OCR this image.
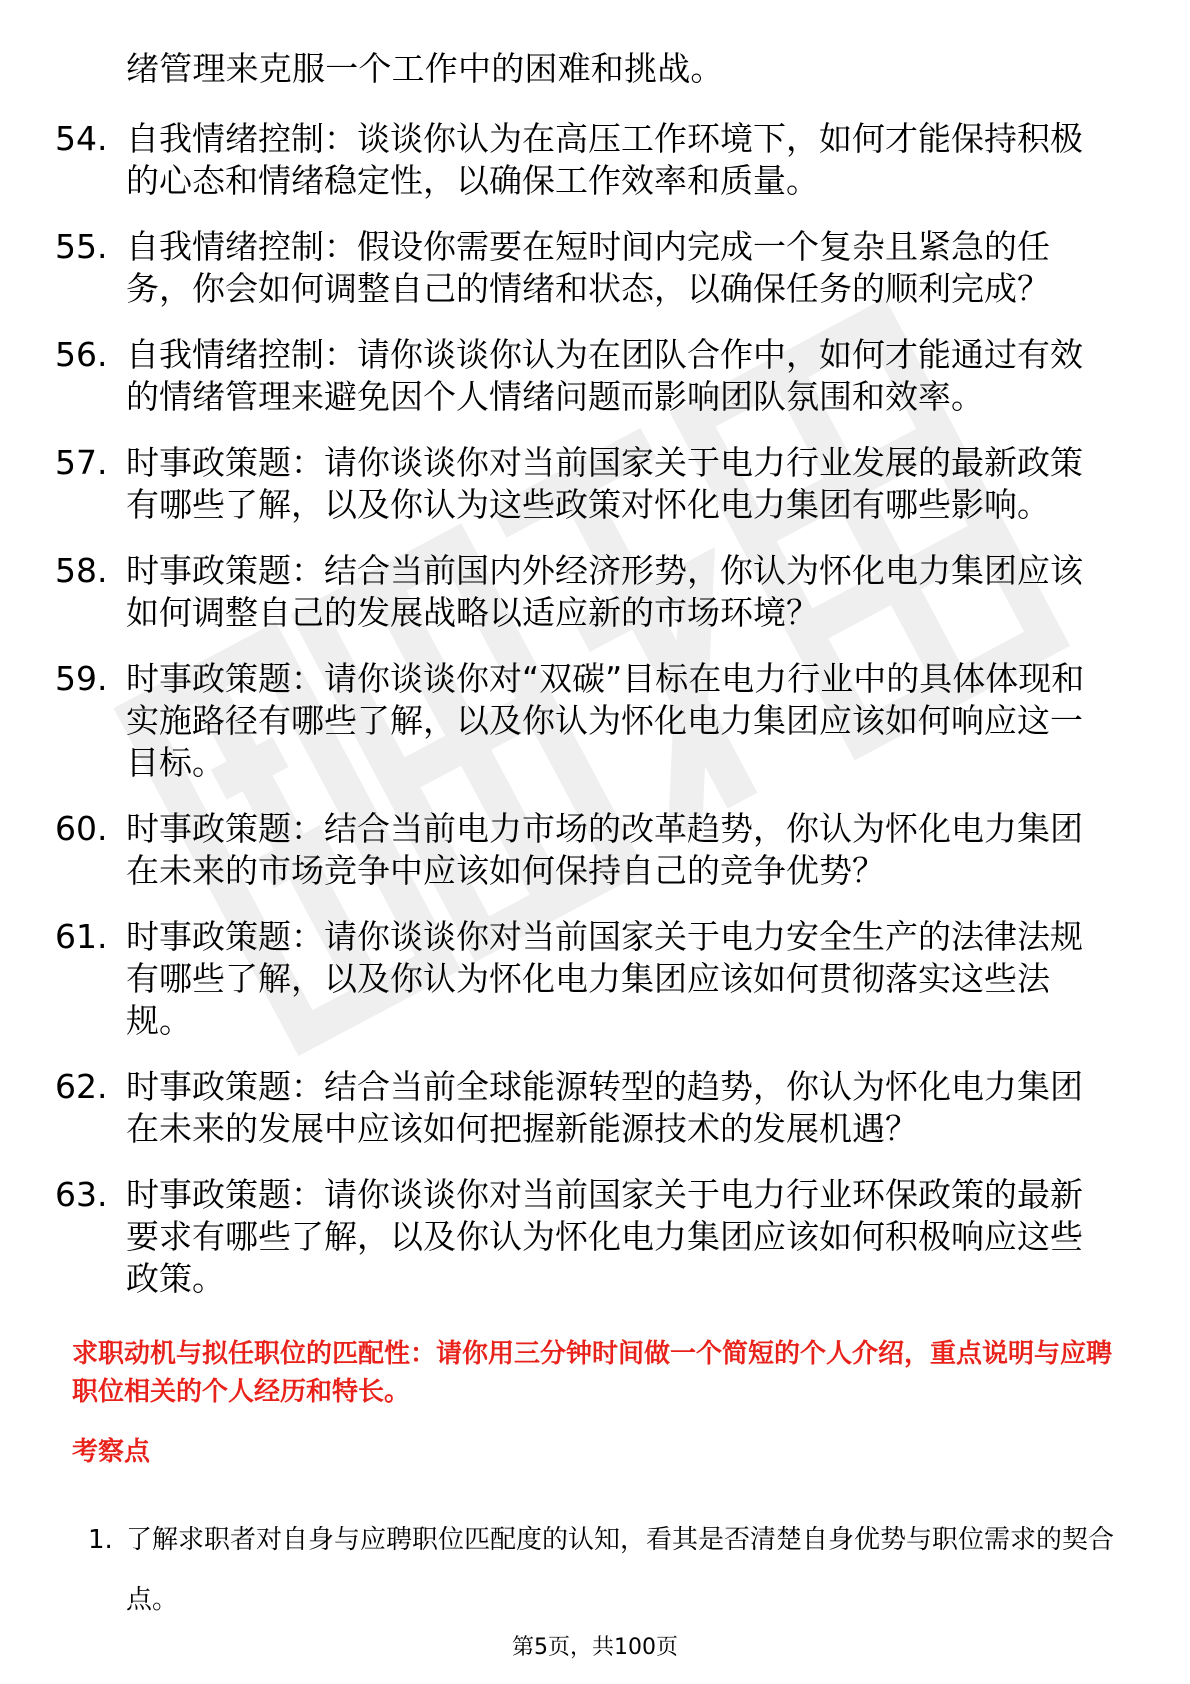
绪管理来克服一个工作中的困难和挑战。
54. 自我情绪控制：谈谈你认为在高压工作环境下，如何才能保持积极的心态和情绪稳定性，以确保工作效率和质量。
55. 自我情绪控制：假设你需要在短时间内完成一个复杂且紧急的任务，你会如何调整自己的情绪和状态，以确保任务的顺利完成？
56. 自我情绪控制：请你谈谈你认为在团队合作中，如何才能通过有效的情绪管理来避免因个人情绪问题而影响团队氛围和效率。
57. 时事政策题：请你谈谈你对当前国家关于电力行业发展的最新政策有哪些了解，以及你认为这些政策对怀化电力集团有哪些影响。
58. 时事政策题：结合当前国内外经济形势，你认为怀化电力集团应该如何调整自己的发展战略以适应新的市场环境？
59. 时事政策题：请你谈谈你对“双碳”目标在电力行业中的具体体现和实施路径有哪些了解，以及你认为怀化电力集团应该如何响应这一目标。
60. 时事政策题：结合当前电力市场的改革趋势，你认为怀化电力集团在未来的市场竞争中应该如何保持自己的竞争优势？
61. 时事政策题：请你谈谈你对当前国家关于电力安全生产的法律法规有哪些了解，以及你认为怀化电力集团应该如何贯彻落实这些法规。
62. 时事政策题：结合当前全球能源转型的趋势，你认为怀化电力集团在未来的发展中应该如何把握新能源技术的发展机遇？
63. 时事政策题：请你谈谈你对当前国家关于电力行业环保政策的最新要求有哪些了解，以及你认为怀化电力集团应该如何积极响应这些政策。
求职动机与拟任职位的匹配性：请你用三分钟时间做一个简短的个人介绍，重点说明与应聘职位相关的个人经历和特长。
考察点
1. 了解求职者对自身与应聘职位匹配度的认知，看其是否清楚自身优势与职位需求的契合点。
第5页，共100页
